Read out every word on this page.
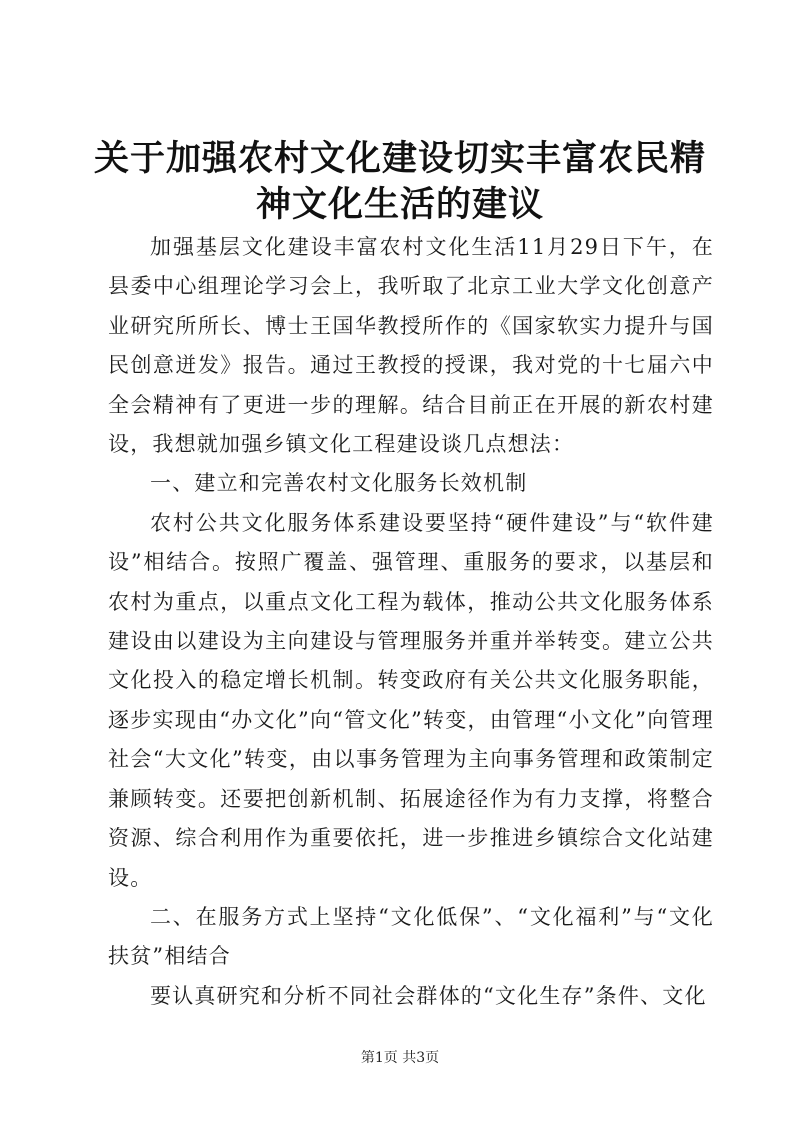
关于加强农村文化建设切实丰富农民精神文化生活的建议

加强基层文化建设丰富农村文化生活11月29日下午，在县委中心组理论学习会上，我听取了北京工业大学文化创意产业研究所所长、博士王国华教授所作的《国家软实力提升与国民创意迸发》报告。通过王教授的授课，我对党的十七届六中全会精神有了更进一步的理解。结合目前正在开展的新农村建设，我想就加强乡镇文化工程建设谈几点想法：

一、建立和完善农村文化服务长效机制

农村公共文化服务体系建设要坚持“硬件建设”与“软件建设”相结合。按照广覆盖、强管理、重服务的要求，以基层和农村为重点，以重点文化工程为载体，推动公共文化服务体系建设由以建设为主向建设与管理服务并重并举转变。建立公共文化投入的稳定增长机制。转变政府有关公共文化服务职能，逐步实现由“办文化”向“管文化”转变，由管理“小文化”向管理社会“大文化”转变，由以事务管理为主向事务管理和政策制定兼顾转变。还要把创新机制、拓展途径作为有力支撑，将整合资源、综合利用作为重要依托，进一步推进乡镇综合文化站建设。

二、在服务方式上坚持“文化低保”、“文化福利”与“文化扶贫”相结合

要认真研究和分析不同社会群体的“文化生存”条件、文化

第1页 共3页
